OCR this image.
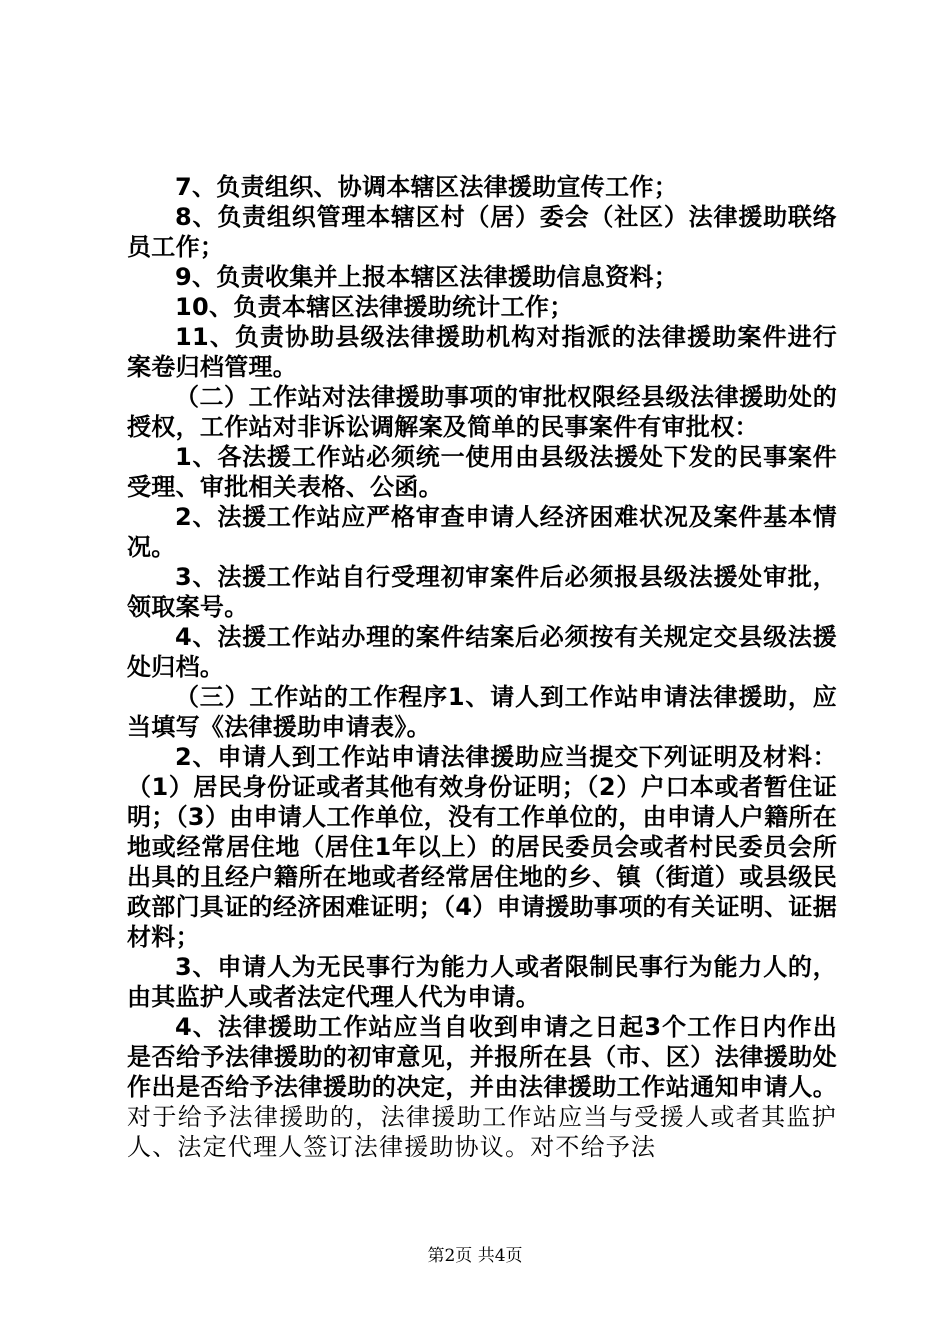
7、负责组织、协调本辖区法律援助宣传工作；

8、负责组织管理本辖区村（居）委会（社区）法律援助联络员工作；

9、负责收集并上报本辖区法律援助信息资料；

10、负责本辖区法律援助统计工作；

11、负责协助县级法律援助机构对指派的法律援助案件进行案卷归档管理。

（二）工作站对法律援助事项的审批权限经县级法律援助处的授权，工作站对非诉讼调解案及简单的民事案件有审批权：

1、各法援工作站必须统一使用由县级法援处下发的民事案件受理、审批相关表格、公函。

2、法援工作站应严格审查申请人经济困难状况及案件基本情况。

3、法援工作站自行受理初审案件后必须报县级法援处审批，领取案号。

4、法援工作站办理的案件结案后必须按有关规定交县级法援处归档。

（三）工作站的工作程序1、请人到工作站申请法律援助，应当填写《法律援助申请表》。

2、申请人到工作站申请法律援助应当提交下列证明及材料：（1）居民身份证或者其他有效身份证明；（2）户口本或者暂住证明；（3）由申请人工作单位，没有工作单位的，由申请人户籍所在地或经常居住地（居住1年以上）的居民委员会或者村民委员会所出具的且经户籍所在地或者经常居住地的乡、镇（街道）或县级民政部门具证的经济困难证明；（4）申请援助事项的有关证明、证据材料；

3、申请人为无民事行为能力人或者限制民事行为能力人的，由其监护人或者法定代理人代为申请。

4、法律援助工作站应当自收到申请之日起3个工作日内作出是否给予法律援助的初审意见，并报所在县（市、区）法律援助处作出是否给予法律援助的决定，并由法律援助工作站通知申请人。对于给予法律援助的，法律援助工作站应当与受援人或者其监护人、法定代理人签订法律援助协议。对不给予法

第2页 共4页
